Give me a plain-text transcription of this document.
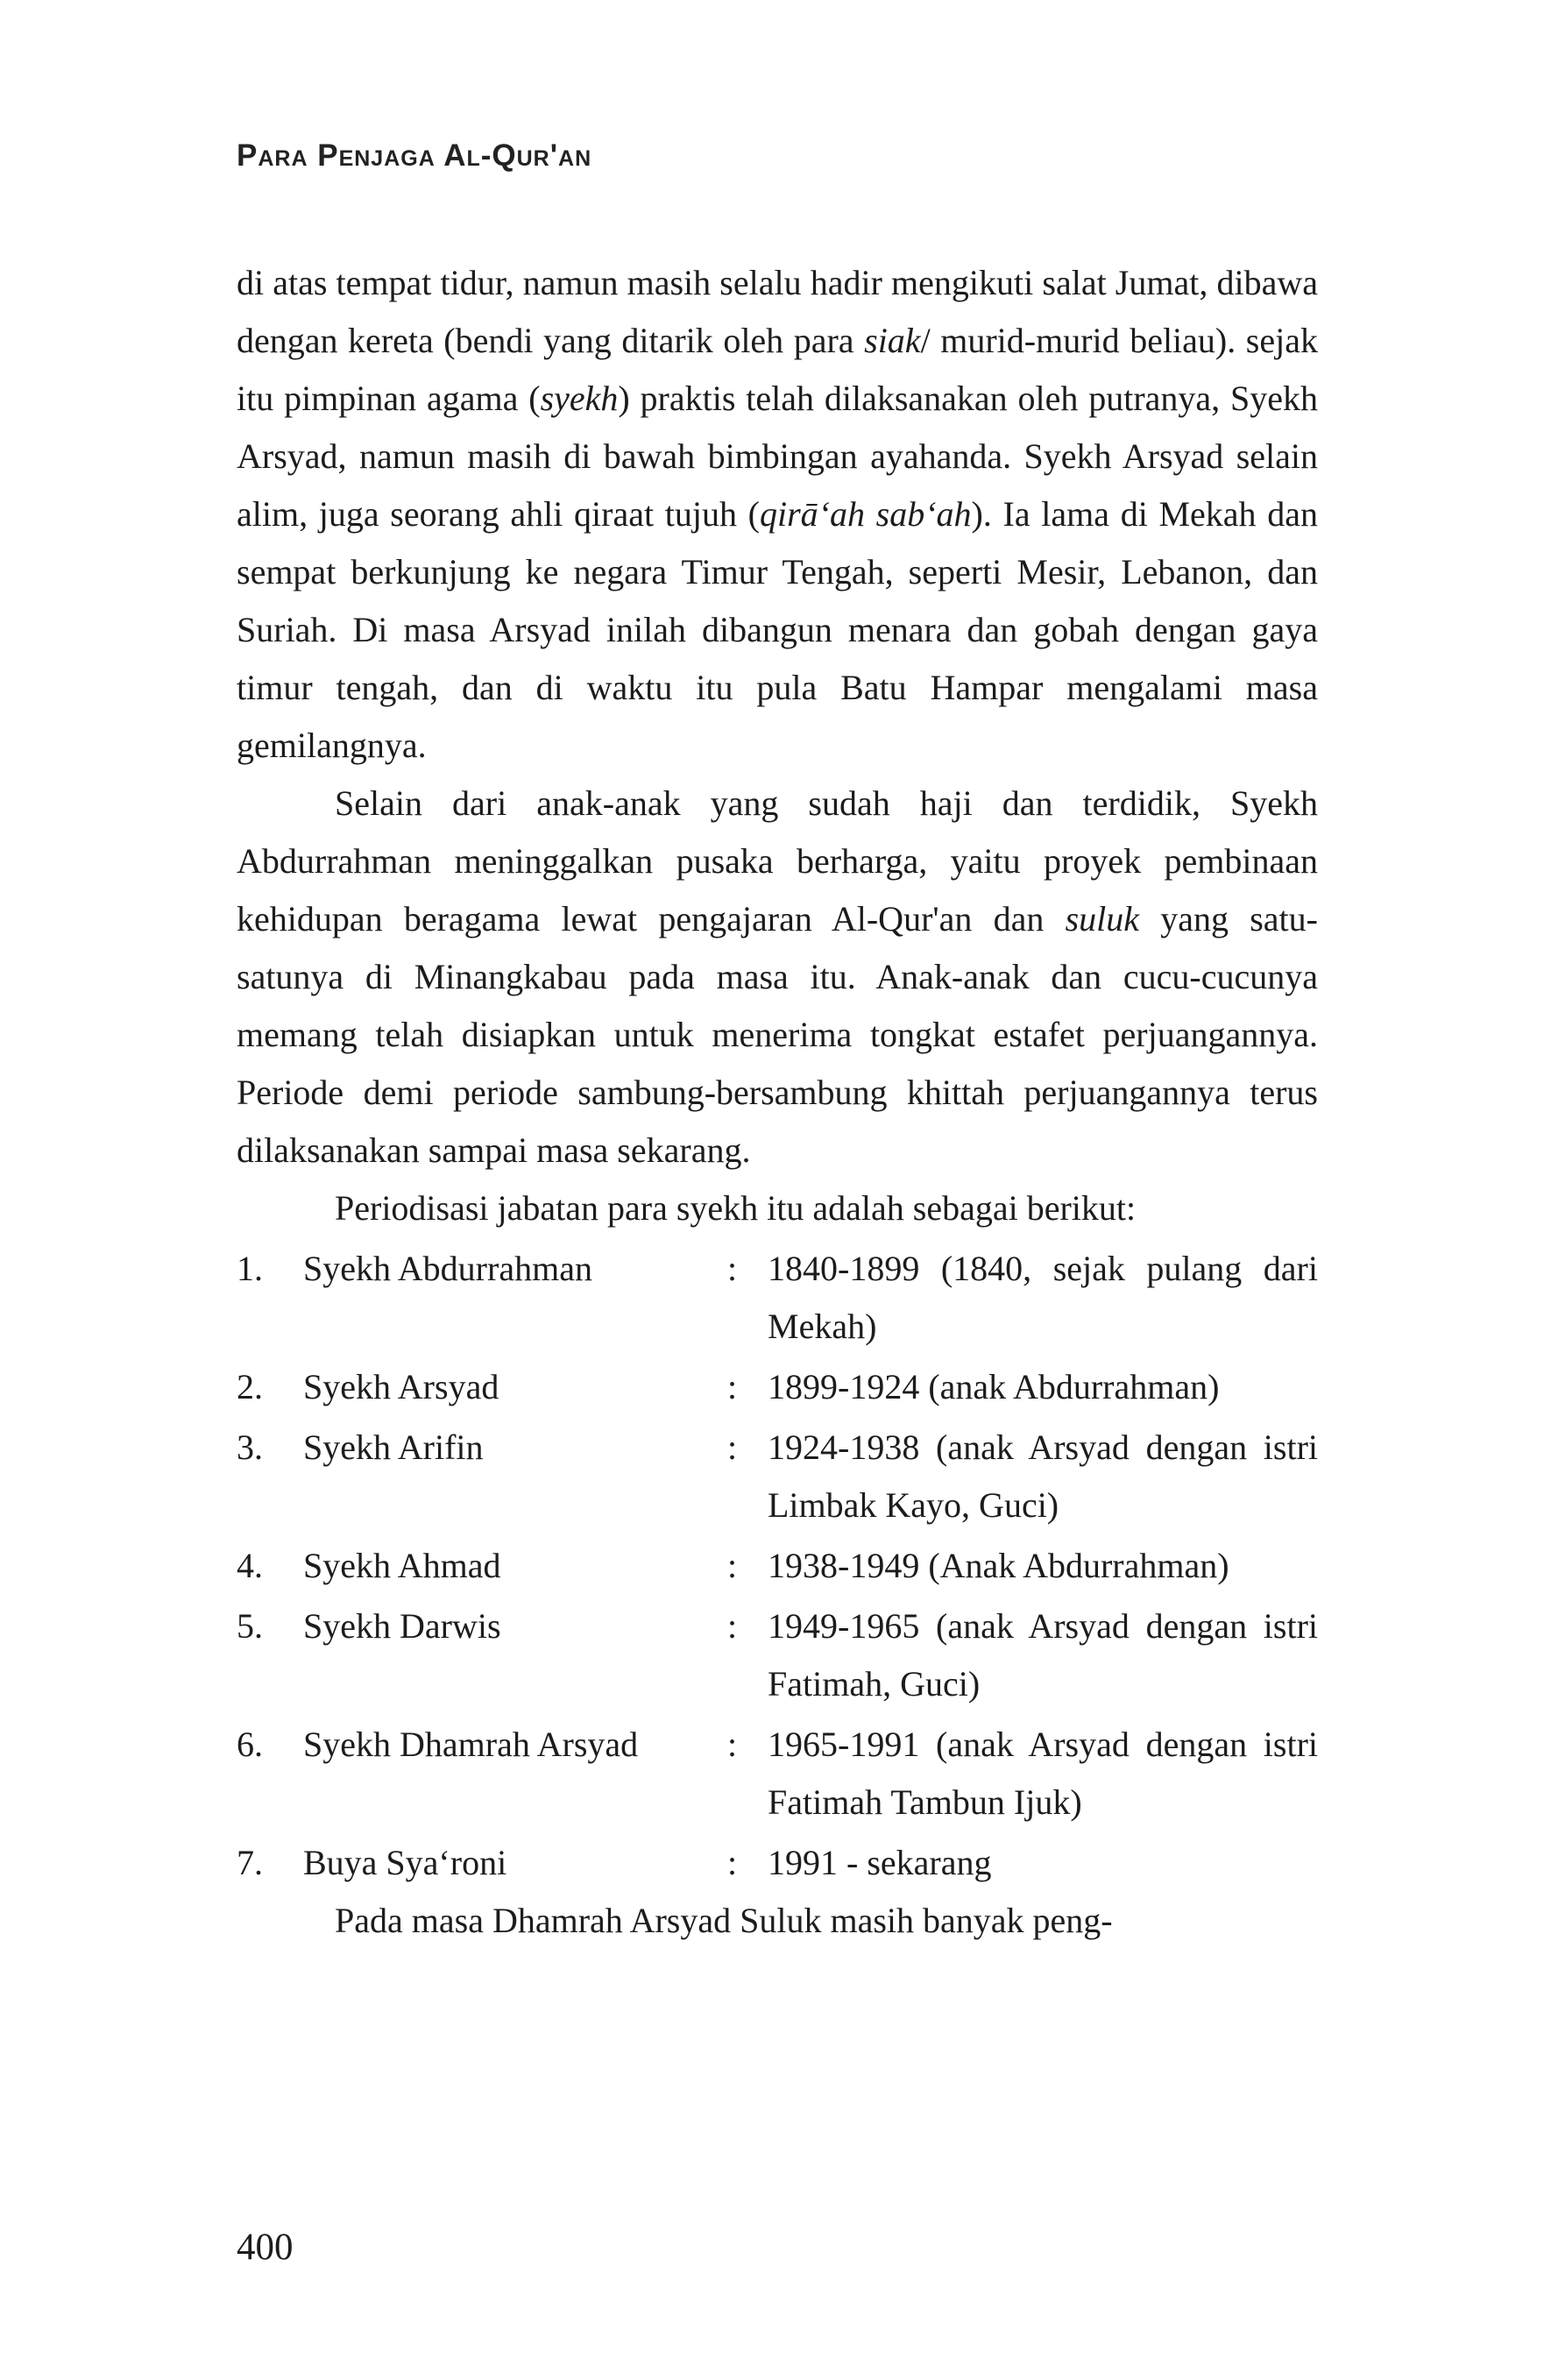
Para Penjaga Al-Qur'an

di atas tempat tidur, namun masih selalu hadir mengikuti salat Jumat, dibawa dengan kereta (bendi yang ditarik oleh para siak/ murid-murid beliau). sejak itu pimpinan agama (syekh) praktis telah dilaksanakan oleh putranya, Syekh Arsyad, namun masih di bawah bimbingan ayahanda. Syekh Arsyad selain alim, juga seorang ahli qiraat tujuh (qirā‘ah sab‘ah). Ia lama di Mekah dan sempat berkunjung ke negara Timur Tengah, seperti Mesir, Lebanon, dan Suriah. Di masa Arsyad inilah dibangun menara dan gobah dengan gaya timur tengah, dan di waktu itu pula Batu Hampar mengalami masa gemilangnya.

Selain dari anak-anak yang sudah haji dan terdidik, Syekh Abdurrahman meninggalkan pusaka berharga, yaitu proyek pembinaan kehidupan beragama lewat pengajaran Al-Qur'an dan suluk yang satu-satunya di Minangkabau pada masa itu. Anak-anak dan cucu-cucunya memang telah disiapkan untuk menerima tongkat estafet perjuangannya. Periode demi periode sambung-bersambung khittah perjuangannya terus dilaksanakan sampai masa sekarang.

Periodisasi jabatan para syekh itu adalah sebagai berikut:

1.	Syekh Abdurrahman	: 1840-1899 (1840, sejak pulang dari Mekah)
2.	Syekh Arsyad	: 1899-1924 (anak Abdurrahman)
3.	Syekh Arifin	: 1924-1938 (anak Arsyad dengan istri Limbak Kayo, Guci)
4.	Syekh Ahmad	: 1938-1949 (Anak Abdurrahman)
5.	Syekh Darwis	: 1949-1965 (anak Arsyad dengan istri Fatimah, Guci)
6.	Syekh Dhamrah Arsyad	: 1965-1991 (anak Arsyad dengan istri Fatimah Tambun Ijuk)
7.	Buya Sya‘roni	: 1991 - sekarang

Pada masa Dhamrah Arsyad Suluk masih banyak peng-

400
